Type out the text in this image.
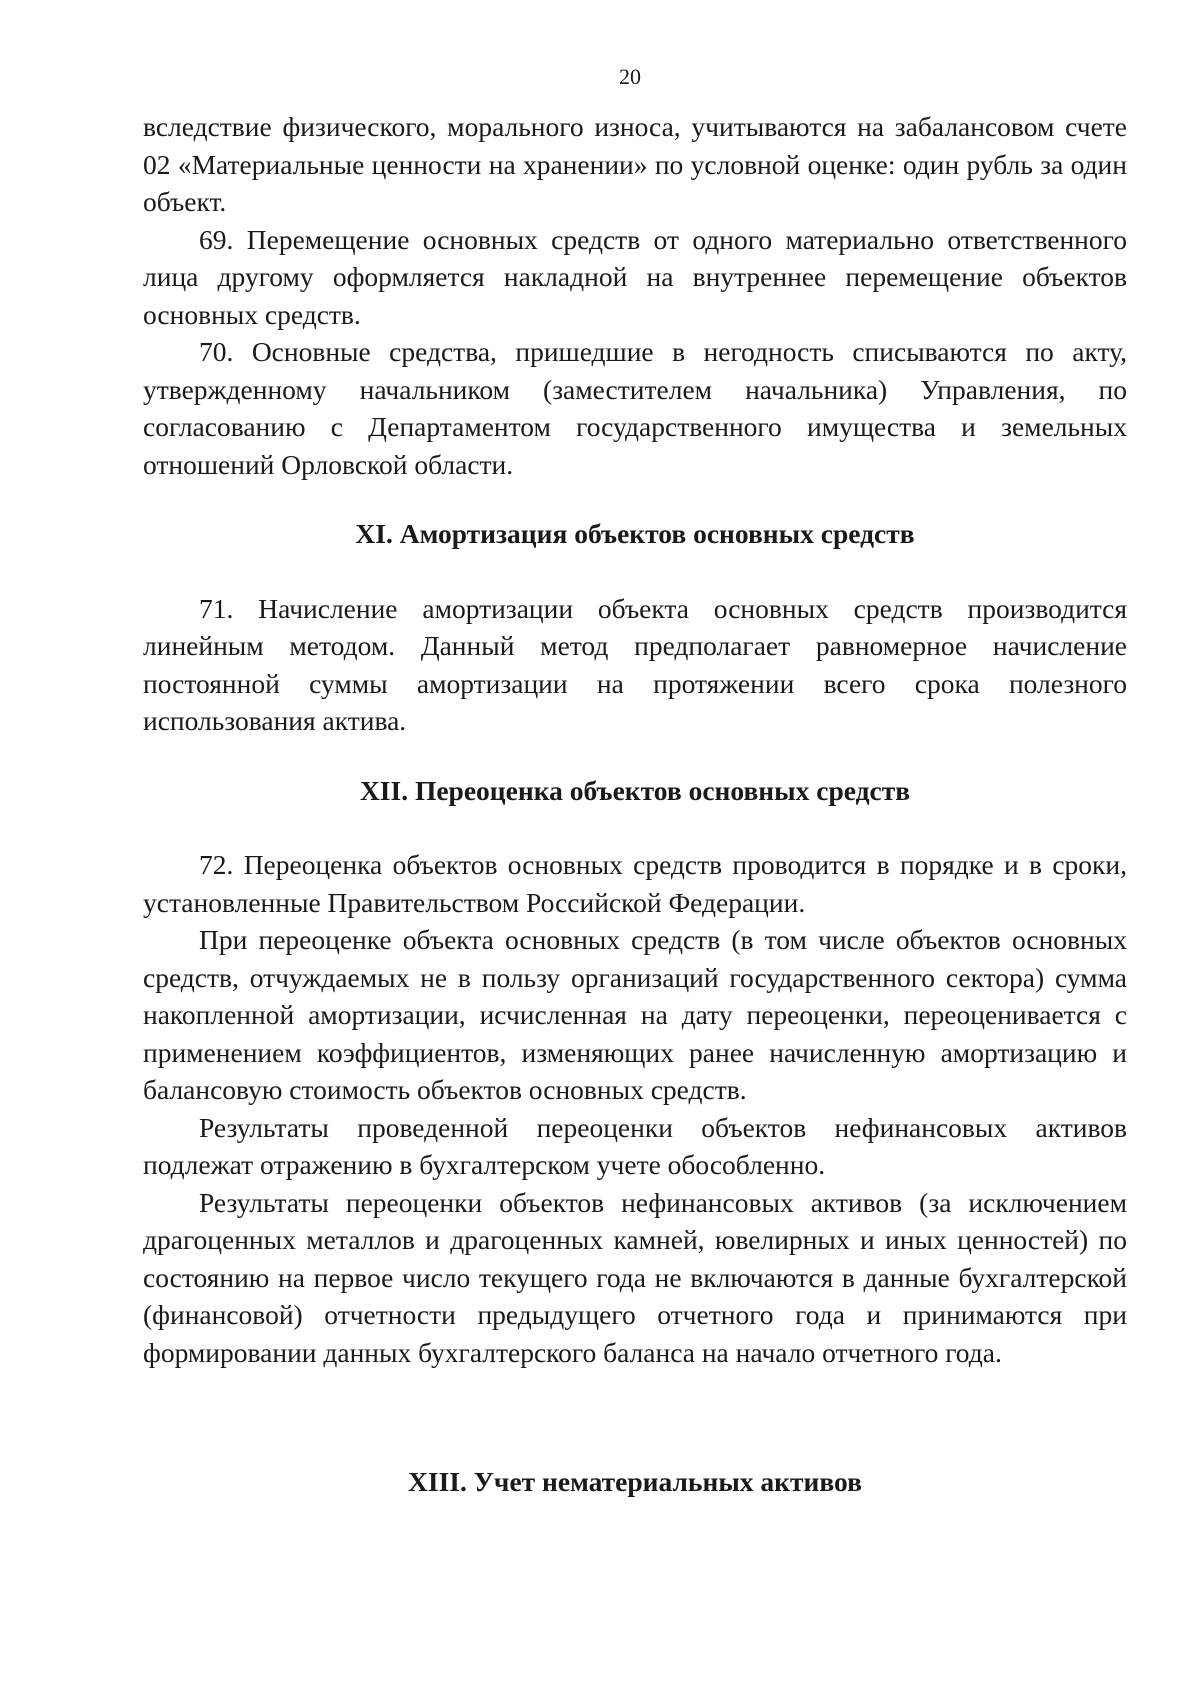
20

вследствие физического, морального износа, учитываются на забалансовом счете 02 «Материальные ценности на хранении» по условной оценке: один рубль за один объект.

69. Перемещение основных средств от одного материально ответственного лица другому оформляется накладной на внутреннее перемещение объектов основных средств.

70. Основные средства, пришедшие в негодность списываются по акту, утвержденному начальником (заместителем начальника) Управления, по согласованию с Департаментом государственного имущества и земельных отношений Орловской области.

XI. Амортизация объектов основных средств

71. Начисление амортизации объекта основных средств производится линейным методом. Данный метод предполагает равномерное начисление постоянной суммы амортизации на протяжении всего срока полезного использования актива.

XII. Переоценка объектов основных средств

72. Переоценка объектов основных средств проводится в порядке и в сроки, установленные Правительством Российской Федерации.

При переоценке объекта основных средств (в том числе объектов основных средств, отчуждаемых не в пользу организаций государственного сектора) сумма накопленной амортизации, исчисленная на дату переоценки, переоценивается с применением коэффициентов, изменяющих ранее начисленную амортизацию и балансовую стоимость объектов основных средств.

Результаты проведенной переоценки объектов нефинансовых активов подлежат отражению в бухгалтерском учете обособленно.

Результаты переоценки объектов нефинансовых активов (за исключением драгоценных металлов и драгоценных камней, ювелирных и иных ценностей) по состоянию на первое число текущего года не включаются в данные бухгалтерской (финансовой) отчетности предыдущего отчетного года и принимаются при формировании данных бухгалтерского баланса на начало отчетного года.

XIII. Учет нематериальных активов
